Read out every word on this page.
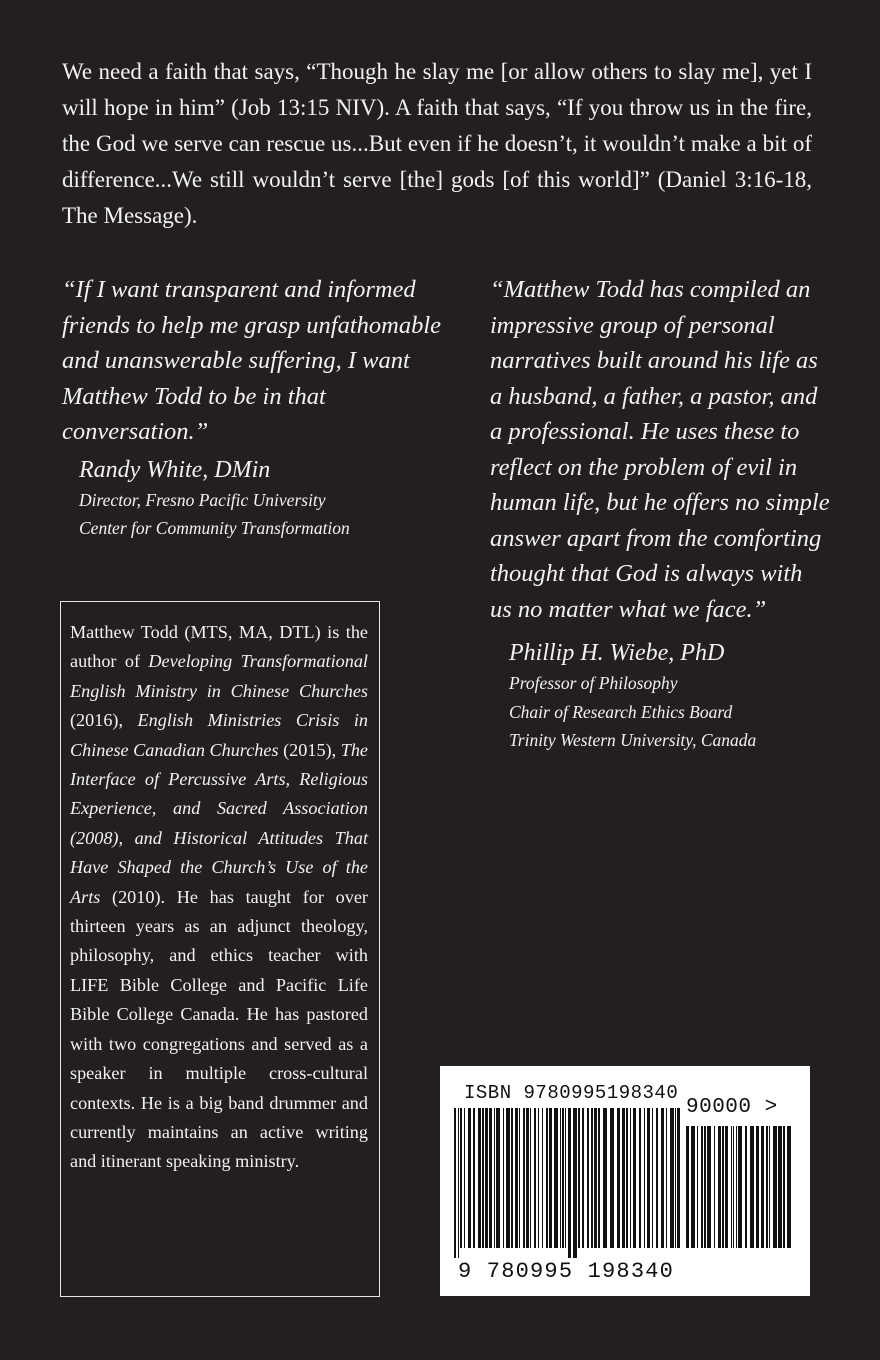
We need a faith that says, “Though he slay me [or allow others to slay me], yet I will hope in him” (Job 13:15 NIV). A faith that says, “If you throw us in the fire, the God we serve can rescue us...But even if he doesn’t, it wouldn’t make a bit of difference...We still wouldn’t serve [the] gods [of this world]” (Daniel 3:16-18, The Message).
“If I want transparent and informed friends to help me grasp unfathomable and unanswerable suffering, I want Matthew Todd to be in that conversation.”
Randy White, DMin
Director, Fresno Pacific University
Center for Community Transformation
“Matthew Todd has compiled an impressive group of personal narratives built around his life as a husband, a father, a pastor, and a professional. He uses these to reflect on the problem of evil in human life, but he offers no simple answer apart from the comforting thought that God is always with us no matter what we face.”
Phillip H. Wiebe, PhD
Professor of Philosophy
Chair of Research Ethics Board
Trinity Western University, Canada
Matthew Todd (MTS, MA, DTL) is the author of Developing Transformational English Ministry in Chinese Churches (2016), English Ministries Crisis in Chinese Canadian Churches (2015), The Interface of Percussive Arts, Religious Experience, and Sacred Association (2008), and Historical Attitudes That Have Shaped the Church’s Use of the Arts (2010). He has taught for over thirteen years as an adjunct theology, philosophy, and ethics teacher with LIFE Bible College and Pacific Life Bible College Canada. He has pastored with two congregations and served as a speaker in multiple cross-cultural contexts. He is a big band drummer and currently maintains an active writing and itinerant speaking ministry.
ISBN 9780995198340
90000 >
9 780995 198340
